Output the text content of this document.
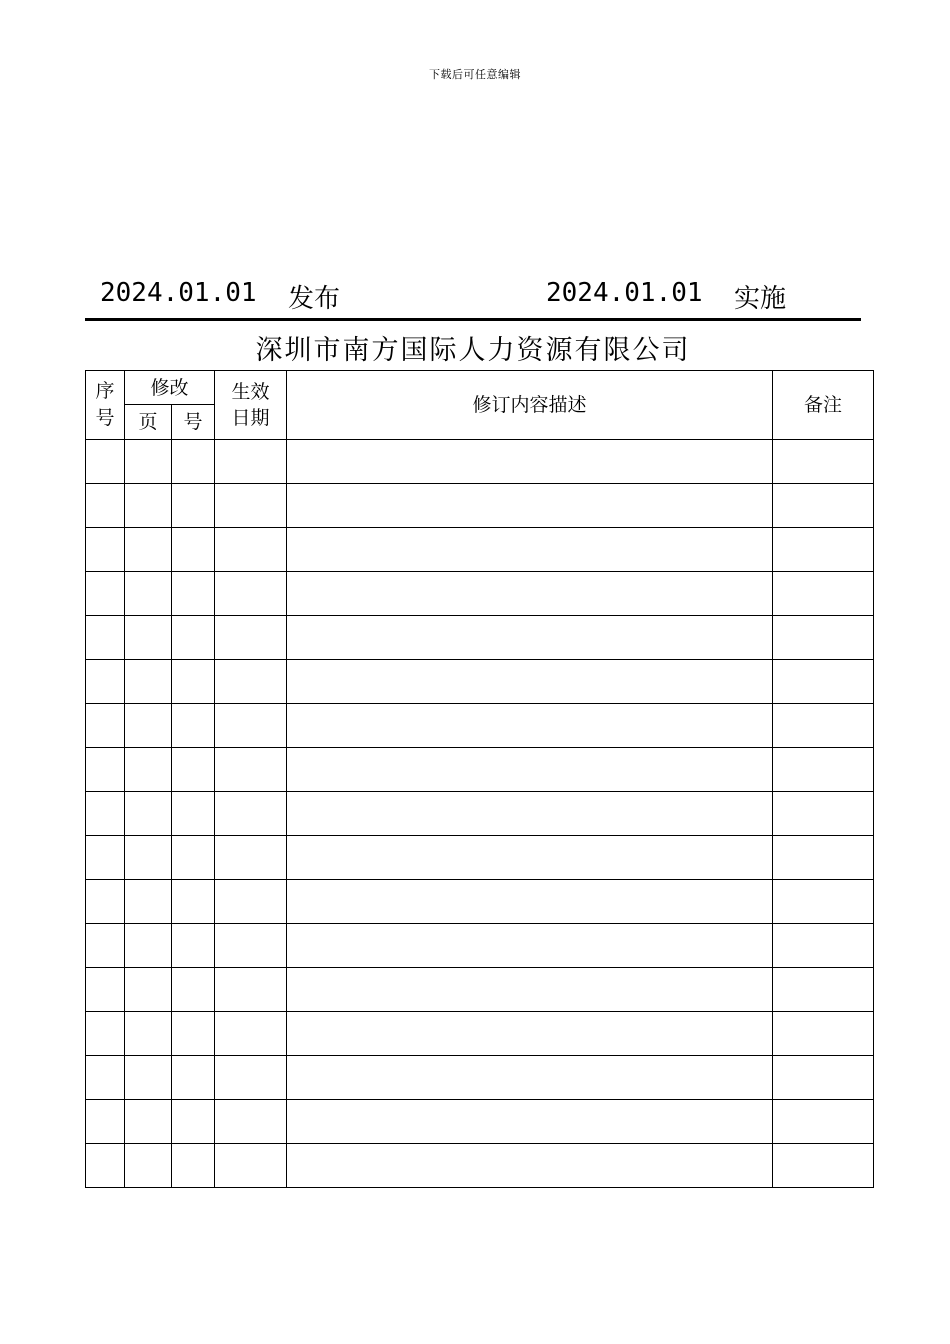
下载后可任意编辑
2024.01.01 发布	2024.01.01 实施
深圳市南方国际人力资源有限公司
序号	修改		生效日期	修订内容描述	备注
	页	号			
